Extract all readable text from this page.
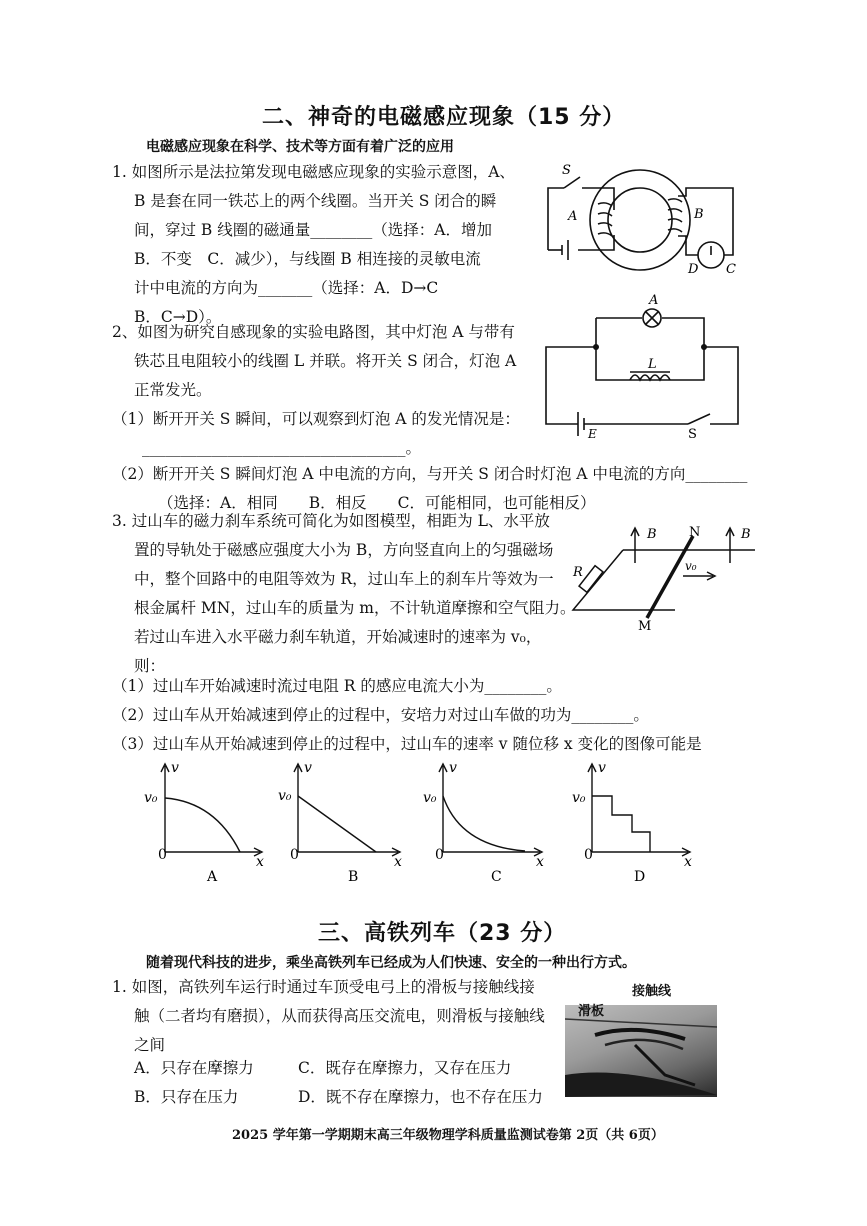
二、神奇的电磁感应现象（15 分）
电磁感应现象在科学、技术等方面有着广泛的应用
1. 如图所示是法拉第发现电磁感应现象的实验示意图，A、
B 是套在同一铁芯上的两个线圈。当开关 S 闭合的瞬
间，穿过 B 线圈的磁通量________（选择：A．增加
B．不变　C．减少），与线圈 B 相连接的灵敏电流
计中电流的方向为_______（选择：A．D→C
B．C→D）。
S
A	B
D C
2、如图为研究自感现象的实验电路图，其中灯泡 A 与带有
铁芯且电阻较小的线圈 L 并联。将开关 S 闭合，灯泡 A
正常发光。
（1）断开开关 S 瞬间，可以观察到灯泡 A 的发光情况是：
__________________________________。
（2）断开开关 S 瞬间灯泡 A 中电流的方向，与开关 S 闭合时灯泡 A 中电流的方向________
（选择：A．相同　　B．相反　　C．可能相同，也可能相反）
A
L
E	S
3. 过山车的磁力刹车系统可简化为如图模型，相距为 L、水平放
置的导轨处于磁感应强度大小为 B，方向竖直向上的匀强磁场
中，整个回路中的电阻等效为 R，过山车上的刹车片等效为一
根金属杆 MN，过山车的质量为 m，不计轨道摩擦和空气阻力。
若过山车进入水平磁力刹车轨道，开始减速时的速率为 v₀，
则：
（1）过山车开始减速时流过电阻 R 的感应电流大小为________。
（2）过山车从开始减速到停止的过程中，安培力对过山车做的功为________。
（3）过山车从开始减速到停止的过程中，过山车的速率 v 随位移 x 变化的图像可能是
B	B
N
M
R	v₀
v
x
v₀
v
x
v₀
v
x
v₀
v
x
v₀
0	0	0	0
A	B	C	D
三、高铁列车（23 分）
随着现代科技的进步，乘坐高铁列车已经成为人们快速、安全的一种出行方式。
1. 如图，高铁列车运行时通过车顶受电弓上的滑板与接触线接
触（二者均有磨损），从而获得高压交流电，则滑板与接触线
之间
A．只存在摩擦力	C．既存在摩擦力，又存在压力
B．只存在压力	D．既不存在摩擦力，也不存在压力
滑板
接触线
2025 学年第一学期期末高三年级物理学科质量监测试卷第 2页（共 6页）
